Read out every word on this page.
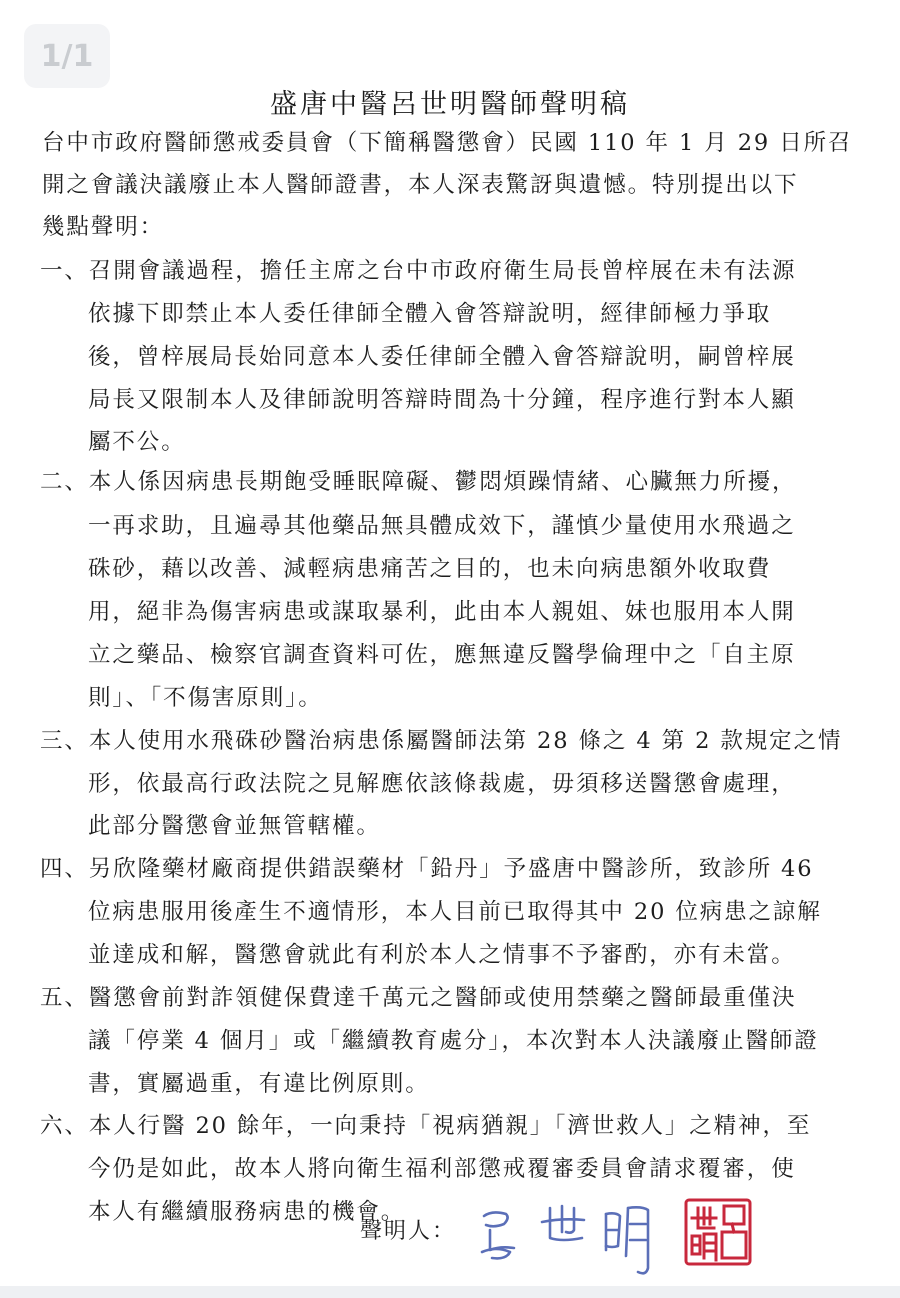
1/1
盛唐中醫呂世明醫師聲明稿
台中市政府醫師懲戒委員會（下簡稱醫懲會）民國 110 年 1 月 29 日所召
開之會議決議廢止本人醫師證書，本人深表驚訝與遺憾。特別提出以下
幾點聲明：
一、召開會議過程，擔任主席之台中市政府衛生局長曾梓展在未有法源
依據下即禁止本人委任律師全體入會答辯說明，經律師極力爭取
後，曾梓展局長始同意本人委任律師全體入會答辯說明，嗣曾梓展
局長又限制本人及律師說明答辯時間為十分鐘，程序進行對本人顯
屬不公。
二、本人係因病患長期飽受睡眠障礙、鬱悶煩躁情緒、心臟無力所擾，
一再求助，且遍尋其他藥品無具體成效下，謹慎少量使用水飛過之
硃砂，藉以改善、減輕病患痛苦之目的，也未向病患額外收取費
用，絕非為傷害病患或謀取暴利，此由本人親姐、妹也服用本人開
立之藥品、檢察官調查資料可佐，應無違反醫學倫理中之「自主原
則」、「不傷害原則」。
三、本人使用水飛硃砂醫治病患係屬醫師法第 28 條之 4 第 2 款規定之情
形，依最高行政法院之見解應依該條裁處，毋須移送醫懲會處理，
此部分醫懲會並無管轄權。
四、另欣隆藥材廠商提供錯誤藥材「鉛丹」予盛唐中醫診所，致診所 46
位病患服用後產生不適情形，本人目前已取得其中 20 位病患之諒解
並達成和解，醫懲會就此有利於本人之情事不予審酌，亦有未當。
五、醫懲會前對詐領健保費達千萬元之醫師或使用禁藥之醫師最重僅決
議「停業 4 個月」或「繼續教育處分」，本次對本人決議廢止醫師證
書，實屬過重，有違比例原則。
六、本人行醫 20 餘年，一向秉持「視病猶親」「濟世救人」之精神，至
今仍是如此，故本人將向衛生福利部懲戒覆審委員會請求覆審，使
本人有繼續服務病患的機會。
聲明人：
